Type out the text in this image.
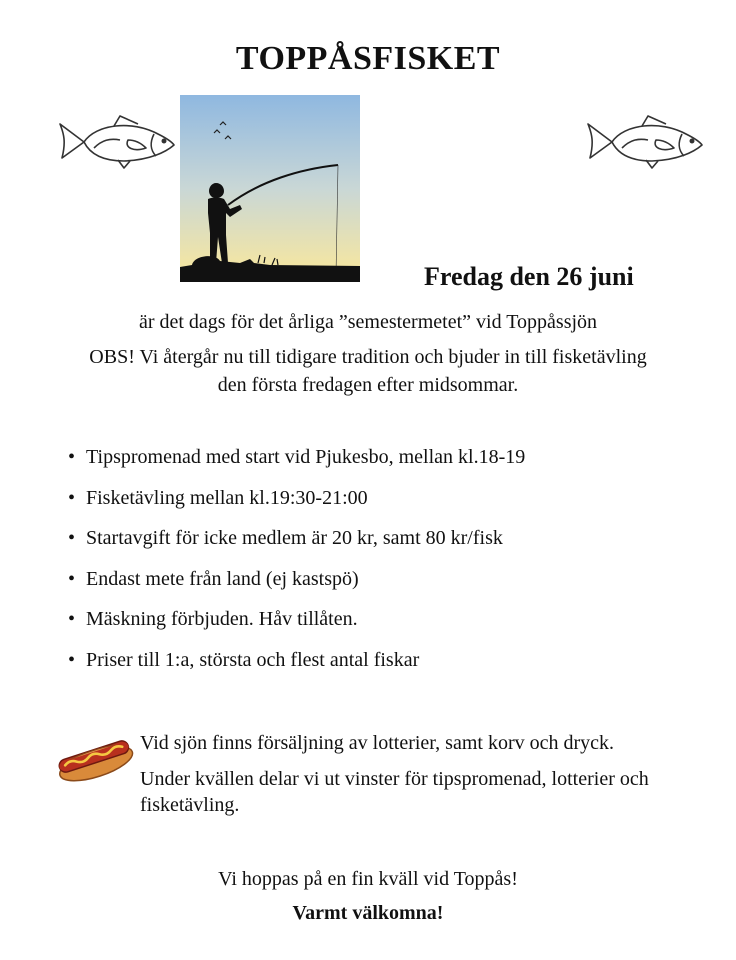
TOPPÅSFISKET
Fredag den 26 juni
är det dags för det årliga ”semestermetet” vid Toppåssjön
OBS! Vi återgår nu till tidigare tradition och bjuder in till fisketävling
den första fredagen efter midsommar.
• Tipspromenad med start vid Pjukesbo, mellan kl.18-19
• Fisketävling mellan kl.19:30-21:00
• Startavgift för icke medlem är 20 kr, samt 80 kr/fisk
• Endast mete från land (ej kastspö)
• Mäskning förbjuden. Håv tillåten.
• Priser till 1:a, största och flest antal fiskar
Vid sjön finns försäljning av lotterier, samt korv och dryck.
Under kvällen delar vi ut vinster för tipspromenad, lotterier och fisketävling.
Vi hoppas på en fin kväll vid Toppås!
Varmt välkomna!
